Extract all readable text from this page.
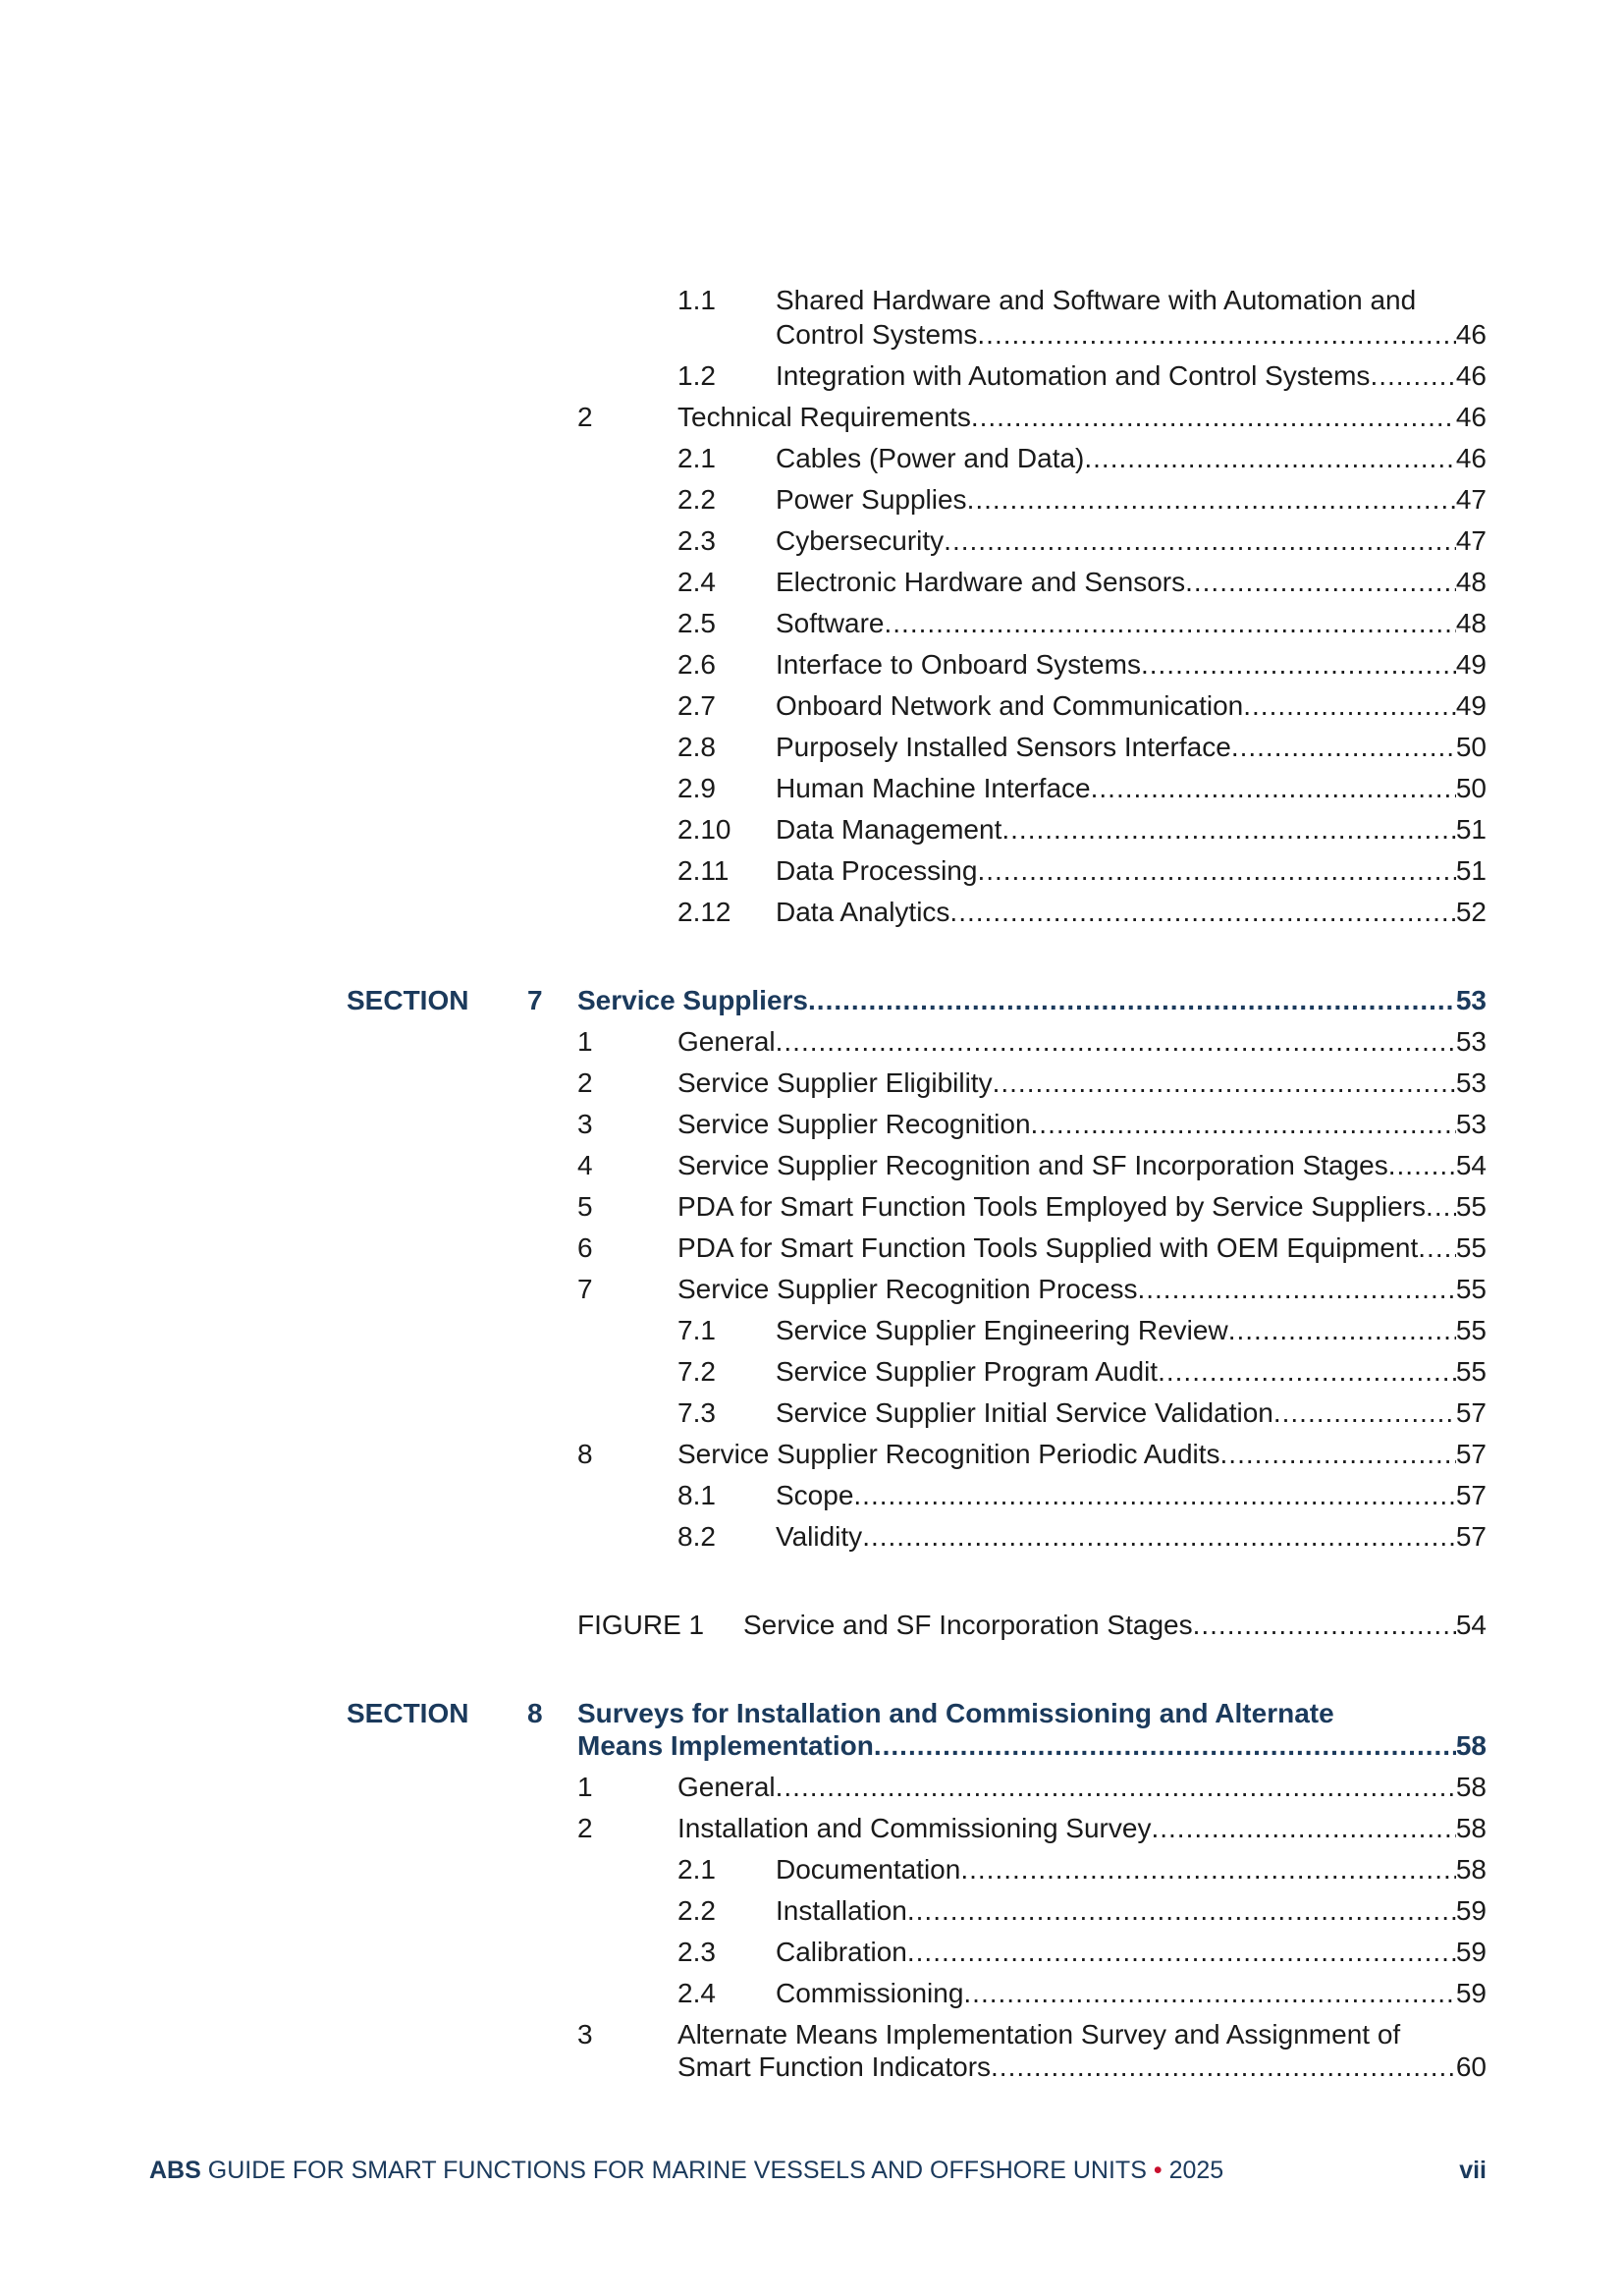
1.1 Shared Hardware and Software with Automation and
Control Systems .....	46
1.2 Integration with Automation and Control Systems .....	46
2	Technical Requirements .....	46
2.1 Cables (Power and Data) .....	46
2.2 Power Supplies .....	47
2.3 Cybersecurity .....	47
2.4 Electronic Hardware and Sensors .....	48
2.5 Software .....	48
2.6 Interface to Onboard Systems .....	49
2.7 Onboard Network and Communication .....	49
2.8 Purposely Installed Sensors Interface .....	50
2.9 Human Machine Interface .....	50
2.10 Data Management .....	51
2.11 Data Processing .....	51
2.12 Data Analytics .....	52
SECTION 7 Service Suppliers .....	53
1	General .....	53
2	Service Supplier Eligibility .....	53
3	Service Supplier Recognition .....	53
4	Service Supplier Recognition and SF Incorporation Stages ..... 54
5	PDA for Smart Function Tools Employed by Service Suppliers ..... 55
6	PDA for Smart Function Tools Supplied with OEM Equipment ..... 55
7	Service Supplier Recognition Process .....	55
7.1 Service Supplier Engineering Review .....	55
7.2 Service Supplier Program Audit .....	55
7.3 Service Supplier Initial Service Validation .....	57
8	Service Supplier Recognition Periodic Audits .....	57
8.1 Scope .....	57
8.2 Validity .....	57
FIGURE 1 Service and SF Incorporation Stages .....	54
SECTION 8 Surveys for Installation and Commissioning and Alternate
Means Implementation .....	58
1	General .....	58
2	Installation and Commissioning Survey .....	58
2.1 Documentation .....	58
2.2 Installation .....	59
2.3 Calibration .....	59
2.4 Commissioning .....	59
3	Alternate Means Implementation Survey and Assignment of
Smart Function Indicators .....	60
ABS GUIDE FOR SMART FUNCTIONS FOR MARINE VESSELS AND OFFSHORE UNITS • 2025	vii
